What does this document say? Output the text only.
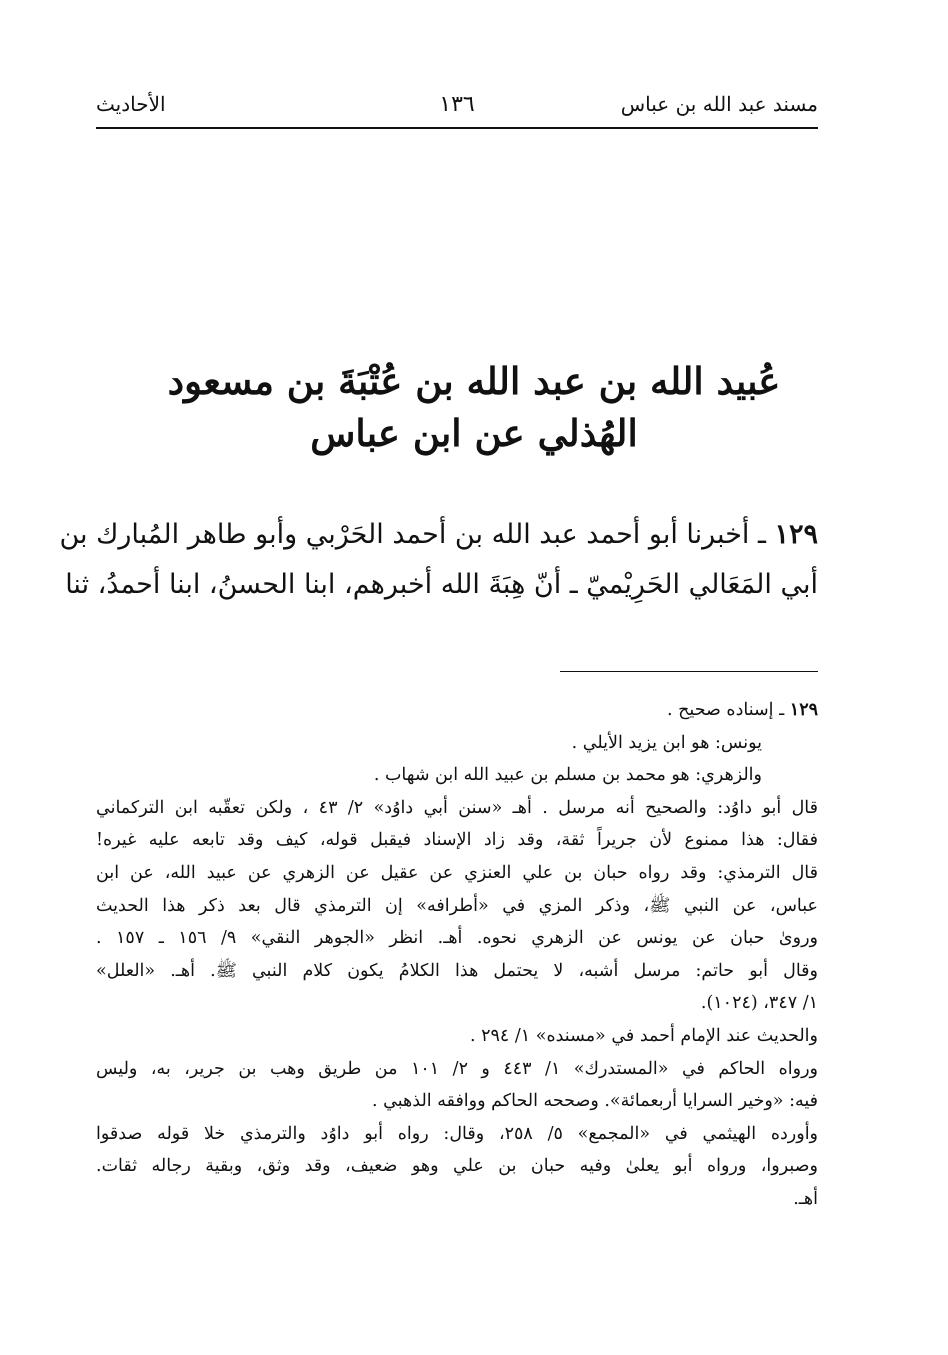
مسند عبد الله بن عباس
١٣٦
الأحاديث
عُبيد الله بن عبد الله بن عُتْبَةَ بن مسعود
الهُذلي عن ابن عباس
١٢٩ ـ أخبرنا أبو أحمد عبد الله بن أحمد الحَرْبي وأبو طاهر المُبارك بن
أبي المَعَالي الحَرِيْميّ ـ أنّ هِبَةَ الله أخبرهم، ابنا الحسنُ، ابنا أحمدُ، ثنا
١٢٩ ـ إسناده صحيح .
يونس: هو ابن يزيد الأيلي .
والزهري: هو محمد بن مسلم بن عبيد الله ابن شهاب .
قال أبو داوُد: والصحيح أنه مرسل . أهـ «سنن أبي داوُد» ٢/ ٤٣ ، ولكن تعقّبه ابن التركماني
فقال: هذا ممنوع لأن جريراً ثقة، وقد زاد الإسناد فيقبل قوله، كيف وقد تابعه عليه غيره!
قال الترمذي: وقد رواه حبان بن علي العنزي عن عقيل عن الزهري عن عبيد الله، عن ابن
عباس، عن النبي ﷺ، وذكر المزي في «أطرافه» إن الترمذي قال بعد ذكر هذا الحديث
وروىٰ حبان عن يونس عن الزهري نحوه. أهـ. انظر «الجوهر النقي» ٩/ ١٥٦ ـ ١٥٧ .
وقال أبو حاتم: مرسل أشبه، لا يحتمل هذا الكلامُ يكون كلام النبي ﷺ. أهـ. «العلل»
١/ ٣٤٧، (١٠٢٤).
والحديث عند الإمام أحمد في «مسنده» ١/ ٢٩٤ .
ورواه الحاكم في «المستدرك» ١/ ٤٤٣ و ٢/ ١٠١ من طريق وهب بن جرير، به، وليس
فيه: «وخير السرايا أربعمائة». وصححه الحاكم ووافقه الذهبي .
وأورده الهيثمي في «المجمع» ٥/ ٢٥٨، وقال: رواه أبو داوُد والترمذي خلا قوله صدقوا
وصبروا، ورواه أبو يعلىٰ وفيه حبان بن علي وهو ضعيف، وقد وثق، وبقية رجاله ثقات.
أهـ.
